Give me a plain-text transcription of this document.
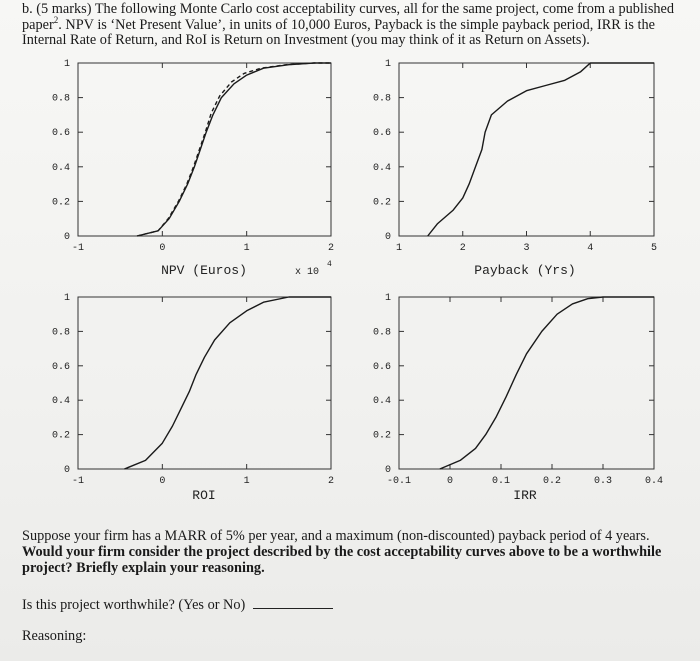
b. (5 marks) The following Monte Carlo cost acceptability curves, all for the same project, come from a published paper$^2$. NPV is ‘Net Present Value’, in units of 10,000 Euros, Payback is the simple payback period, IRR is the Internal Rate of Return, and RoI is Return on Investment (you may think of it as Return on Assets).
0
0.2
0.4
0.6
0.8
1
-1	0	1	2
NPV (Euros)	x 10
4
0
0.2
0.4
0.6
0.8
1
1	2	3	4	5
Payback (Yrs)
0
0.2
0.4
0.6
0.8
1
-1	0	1	2
ROI
0
0.2
0.4
0.6
0.8
1
-0.1	0	0.1	0.2	0.3	0.4
IRR
Suppose your firm has a MARR of 5% per year, and a maximum (non-discounted) payback period of 4 years. Would your firm consider the project described by the cost acceptability curves above to be a worthwhile project? Briefly explain your reasoning.
Is this project worthwhile? (Yes or No)
Reasoning:
